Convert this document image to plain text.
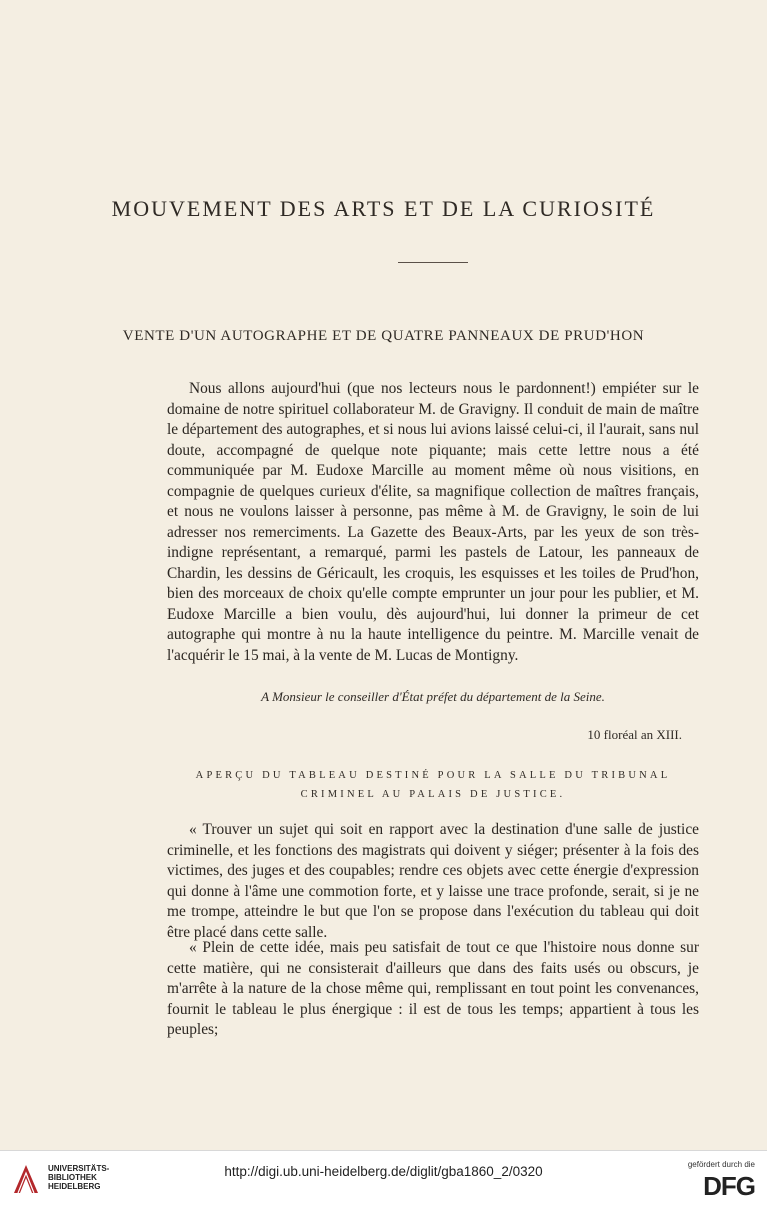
MOUVEMENT DES ARTS ET DE LA CURIOSITÉ
VENTE D'UN AUTOGRAPHE ET DE QUATRE PANNEAUX DE PRUD'HON

Nous allons aujourd'hui (que nos lecteurs nous le pardonnent!) empiéter sur le domaine de notre spirituel collaborateur M. de Gravigny. Il conduit de main de maître le département des autographes, et si nous lui avions laissé celui-ci, il l'aurait, sans nul doute, accompagné de quelque note piquante; mais cette lettre nous a été communiquée par M. Eudoxe Marcille au moment même où nous visitions, en compagnie de quelques curieux d'élite, sa magnifique collection de maîtres français, et nous ne voulons laisser à personne, pas même à M. de Gravigny, le soin de lui adresser nos remerciments. La Gazette des Beaux-Arts, par les yeux de son très-indigne représentant, a remarqué, parmi les pastels de Latour, les panneaux de Chardin, les dessins de Géricault, les croquis, les esquisses et les toiles de Prud'hon, bien des morceaux de choix qu'elle compte emprunter un jour pour les publier, et M. Eudoxe Marcille a bien voulu, dès aujourd'hui, lui donner la primeur de cet autographe qui montre à nu la haute intelligence du peintre. M. Marcille venait de l'acquérir le 15 mai, à la vente de M. Lucas de Montigny.

A Monsieur le conseiller d'État préfet du département de la Seine.
10 floréal an XIII.
APERÇU DU TABLEAU DESTINÉ POUR LA SALLE DU TRIBUNAL
CRIMINEL AU PALAIS DE JUSTICE.

« Trouver un sujet qui soit en rapport avec la destination d'une salle de justice criminelle, et les fonctions des magistrats qui doivent y siéger; présenter à la fois des victimes, des juges et des coupables; rendre ces objets avec cette énergie d'expression qui donne à l'âme une commotion forte, et y laisse une trace profonde, serait, si je ne me trompe, atteindre le but que l'on se propose dans l'exécution du tableau qui doit être placé dans cette salle.

« Plein de cette idée, mais peu satisfait de tout ce que l'histoire nous donne sur cette matière, qui ne consisterait d'ailleurs que dans des faits usés ou obscurs, je m'arrête à la nature de la chose même qui, remplissant en tout point les convenances, fournit le tableau le plus énergique : il est de tous les temps; appartient à tous les peuples;

UNIVERSITÄTS-
BIBLIOTHEK
HEIDELBERG
http://digi.ub.uni-heidelberg.de/diglit/gba1860_2/0320	gefördert durch die
DFG
